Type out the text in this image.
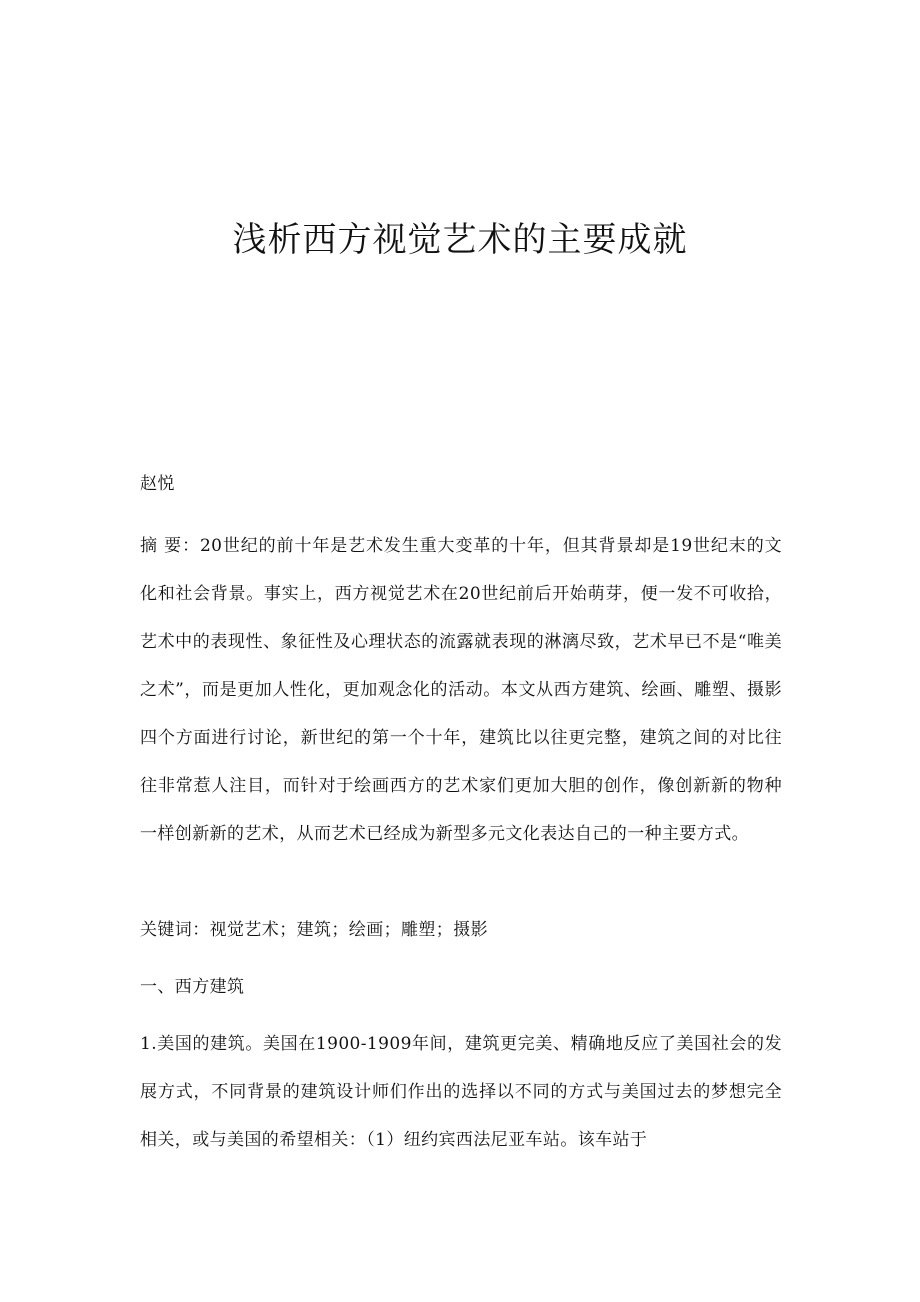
浅析西方视觉艺术的主要成就

赵悦

摘 要：20世纪的前十年是艺术发生重大变革的十年，但其背景却是19世纪末的文化和社会背景。事实上，西方视觉艺术在20世纪前后开始萌芽，便一发不可收拾，艺术中的表现性、象征性及心理状态的流露就表现的淋漓尽致，艺术早已不是“唯美之术”，而是更加人性化，更加观念化的活动。本文从西方建筑、绘画、雕塑、摄影四个方面进行讨论，新世纪的第一个十年，建筑比以往更完整，建筑之间的对比往往非常惹人注目，而针对于绘画西方的艺术家们更加大胆的创作，像创新新的物种一样创新新的艺术，从而艺术已经成为新型多元文化表达自己的一种主要方式。

关键词：视觉艺术；建筑；绘画；雕塑；摄影

一、西方建筑

1.美国的建筑。美国在1900-1909年间，建筑更完美、精确地反应了美国社会的发展方式，不同背景的建筑设计师们作出的选择以不同的方式与美国过去的梦想完全相关，或与美国的希望相关：（1）纽约宾西法尼亚车站。该车站于
